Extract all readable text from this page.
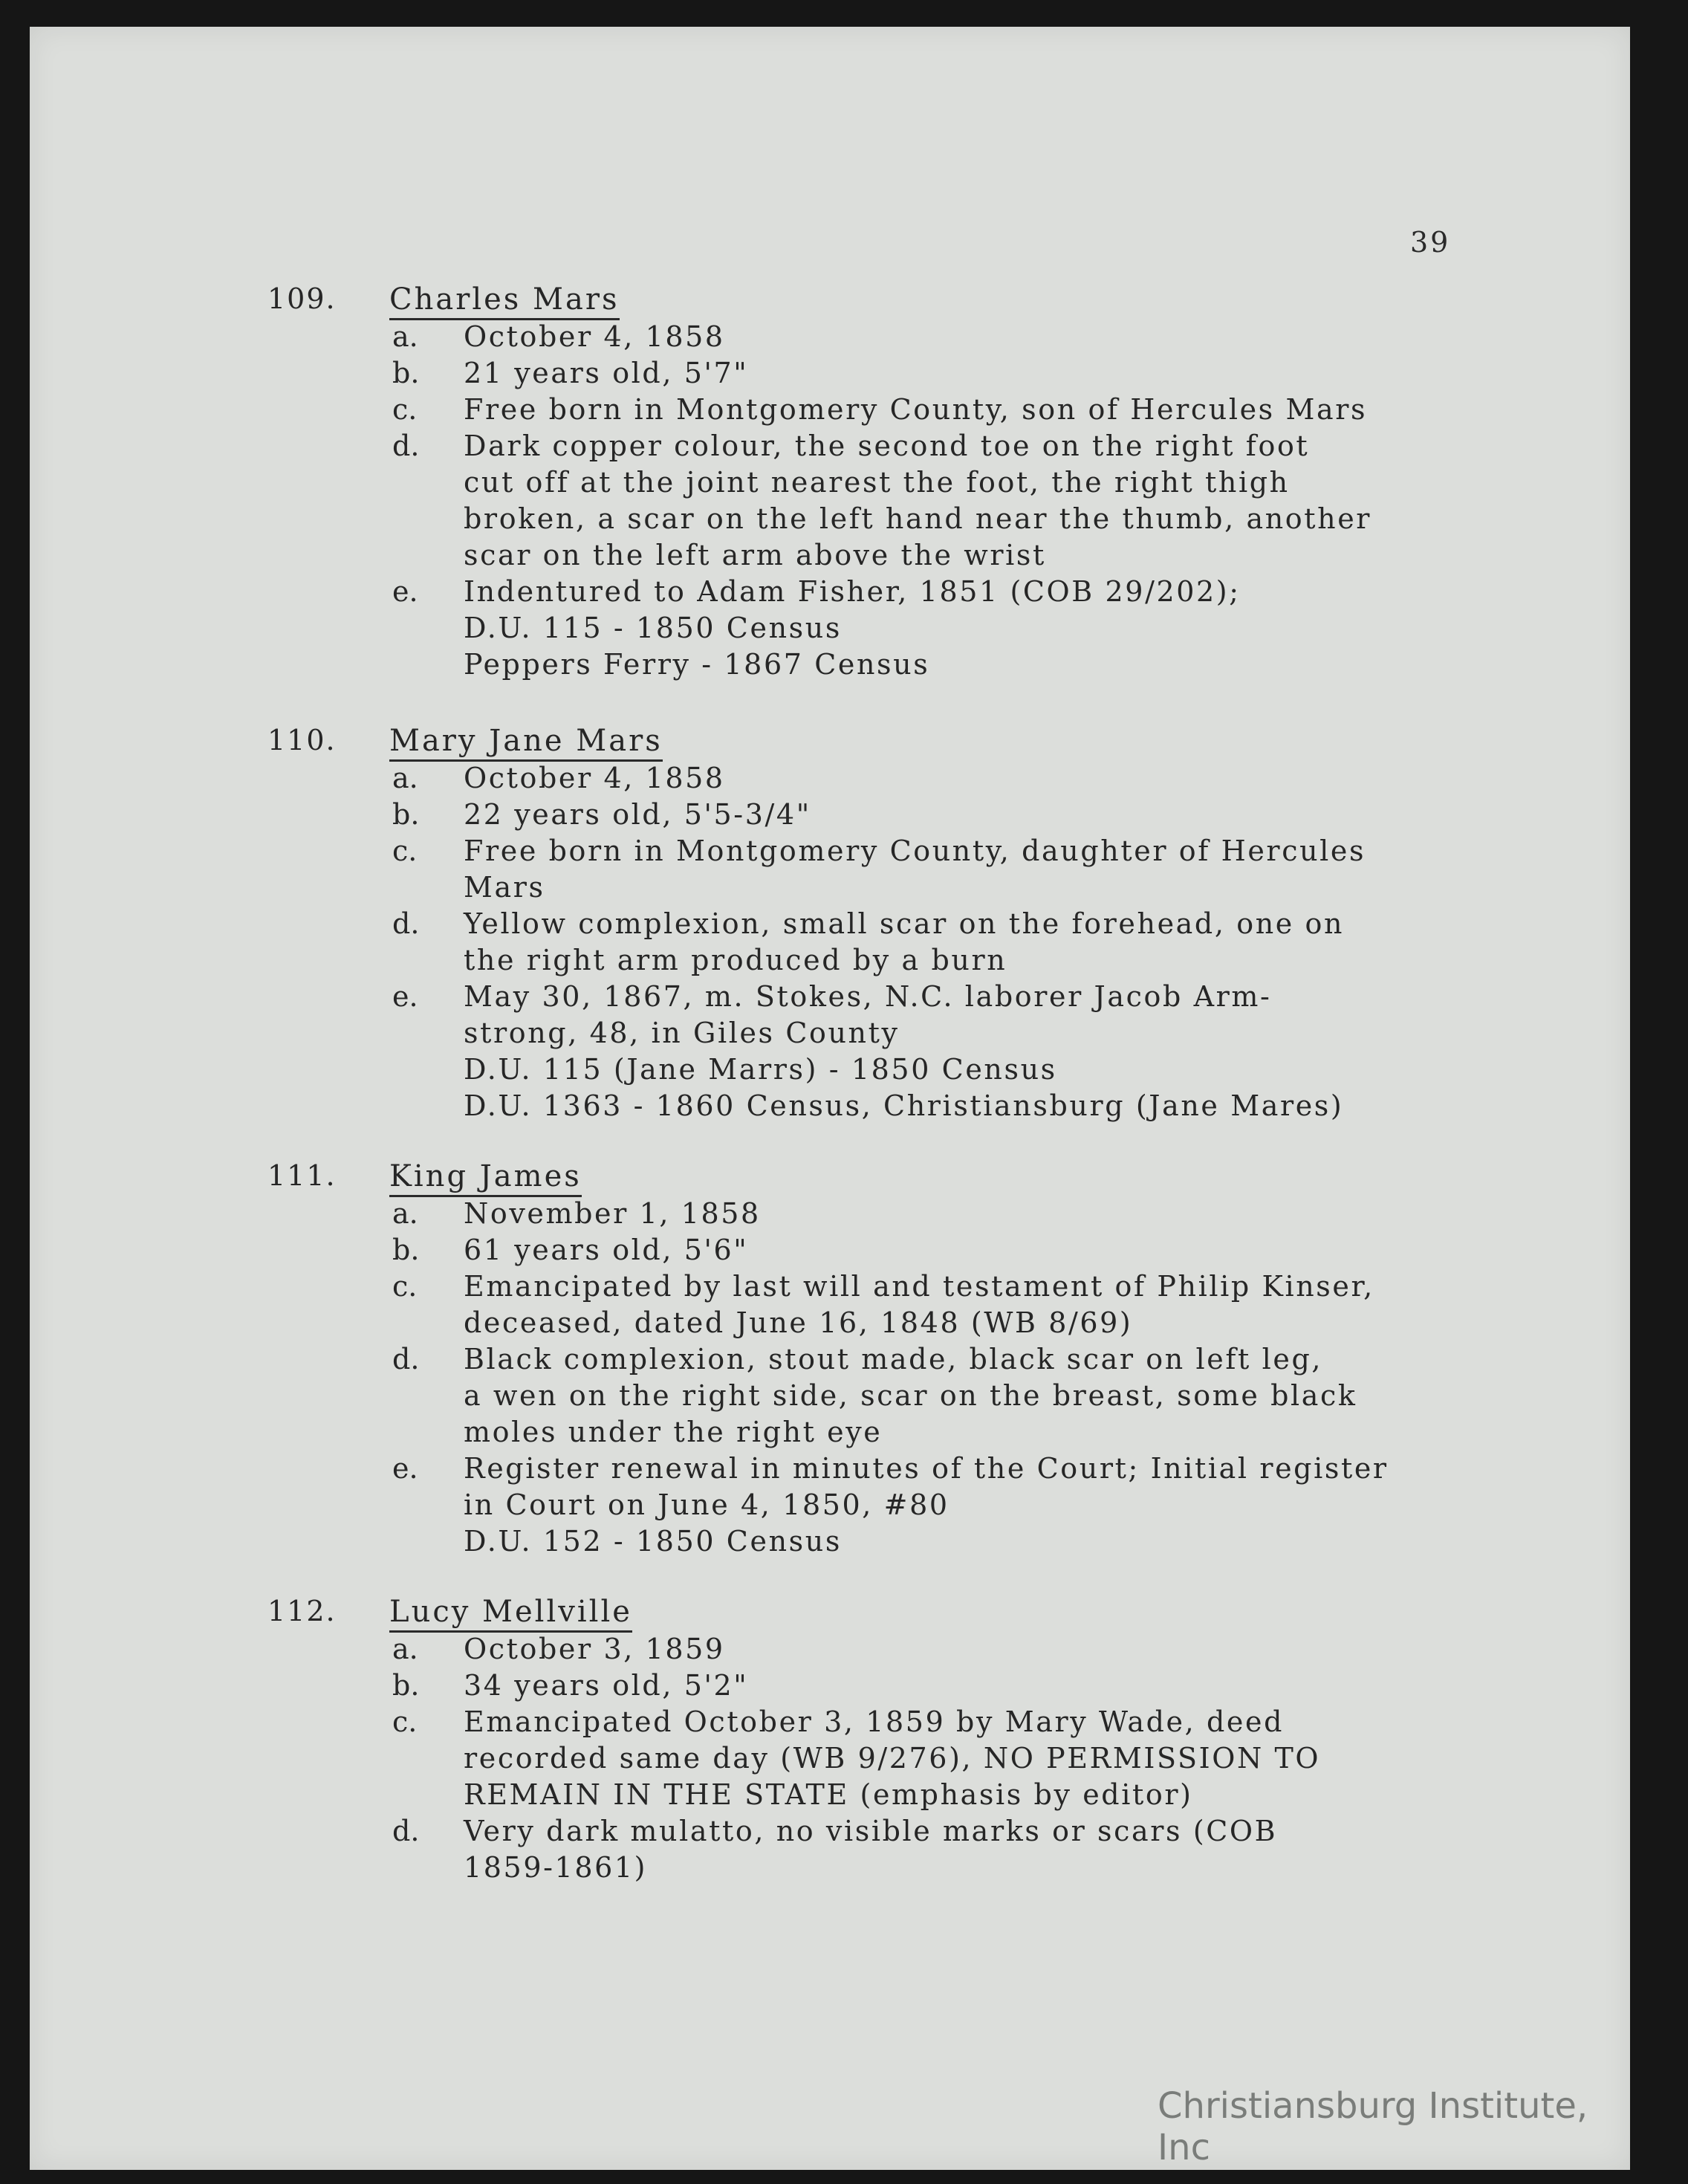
39
109. Charles Mars
a. October 4, 1858
b. 21 years old, 5'7"
c. Free born in Montgomery County, son of Hercules Mars
d. Dark copper colour, the second toe on the right foot
cut off at the joint nearest the foot, the right thigh
broken, a scar on the left hand near the thumb, another
scar on the left arm above the wrist
e. Indentured to Adam Fisher, 1851 (COB 29/202);
D.U. 115 - 1850 Census
Peppers Ferry - 1867 Census
110. Mary Jane Mars
a. October 4, 1858
b. 22 years old, 5'5-3/4"
c. Free born in Montgomery County, daughter of Hercules
Mars
d. Yellow complexion, small scar on the forehead, one on
the right arm produced by a burn
e. May 30, 1867, m. Stokes, N.C. laborer Jacob Arm-
strong, 48, in Giles County
D.U. 115 (Jane Marrs) - 1850 Census
D.U. 1363 - 1860 Census, Christiansburg (Jane Mares)
111. King James
a. November 1, 1858
b. 61 years old, 5'6"
c. Emancipated by last will and testament of Philip Kinser,
deceased, dated June 16, 1848 (WB 8/69)
d. Black complexion, stout made, black scar on left leg,
a wen on the right side, scar on the breast, some black
moles under the right eye
e. Register renewal in minutes of the Court; Initial register
in Court on June 4, 1850, #80
D.U. 152 - 1850 Census
112. Lucy Mellville
a. October 3, 1859
b. 34 years old, 5'2"
c. Emancipated October 3, 1859 by Mary Wade, deed
recorded same day (WB 9/276), NO PERMISSION TO
REMAIN IN THE STATE (emphasis by editor)
d. Very dark mulatto, no visible marks or scars (COB
1859-1861)
Christiansburg Institute, Inc
